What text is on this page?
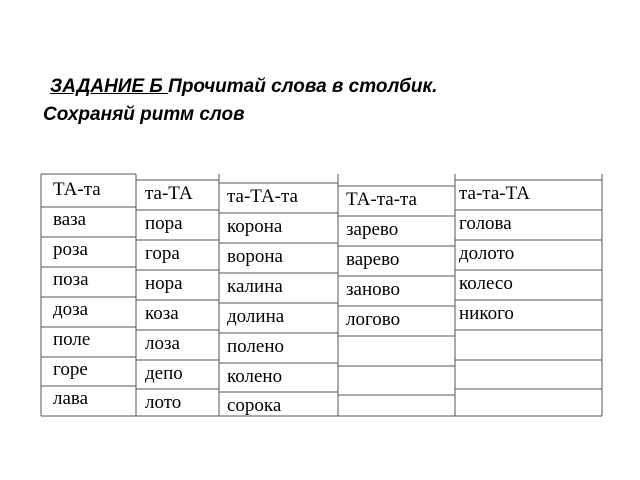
ЗАДАНИЕ Б Прочитай слова в столбик.
Сохраняй ритм слов
ТА-та
ваза
роза
поза
доза
поле
горе
лава
та-ТА
пора
гора
нора
коза
лоза
депо
лото
та-ТА-та
корона
ворона
калина
долина
полено
колено
сорока
ТА-та-та
зарево
варево
заново
логово
та-та-ТА
голова
долото
колесо
никого
